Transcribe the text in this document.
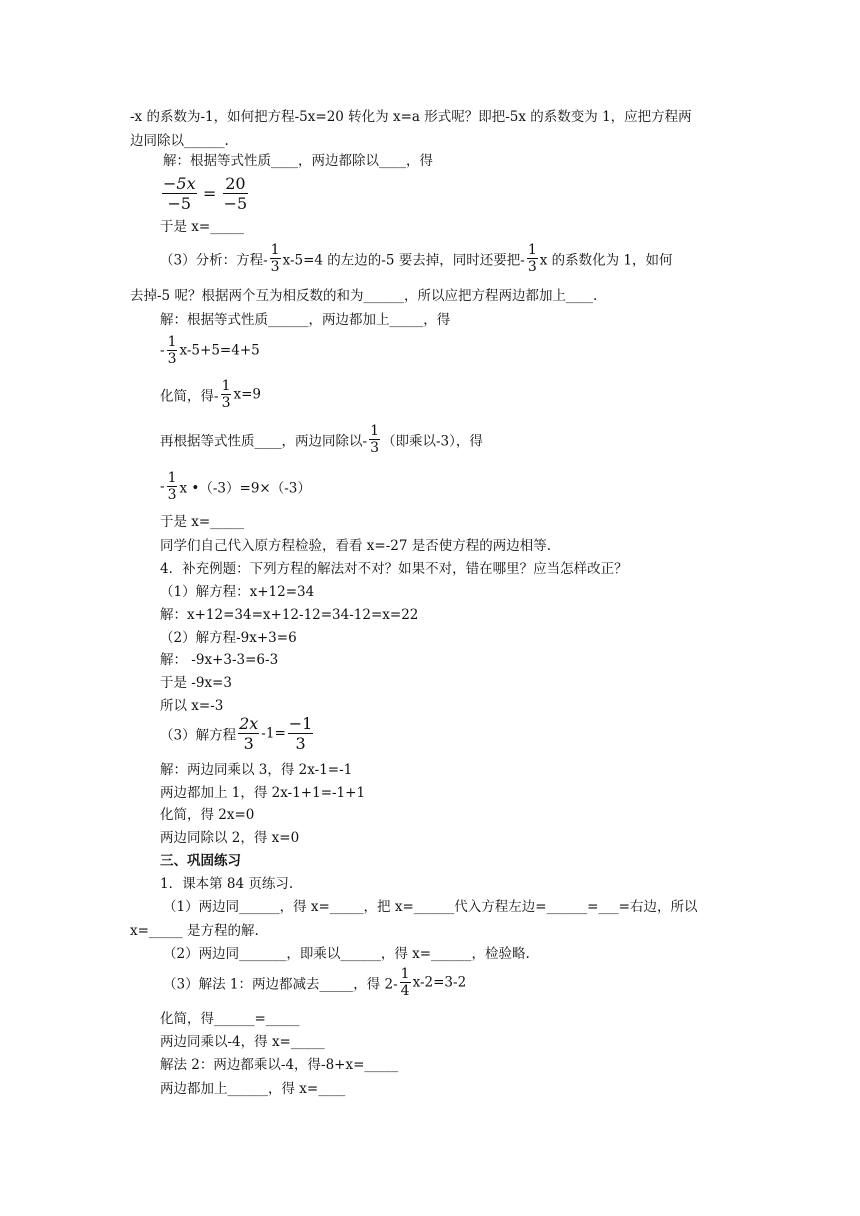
-x 的系数为-1，如何把方程-5x=20 转化为 x=a 形式呢？即把-5x 的系数变为 1，应把方程两
边同除以______.
解：根据等式性质____，两边都除以____，得
$\frac{-5x}{-5} = \frac{20}{-5}$
于是 x=_____
（3）分析：方程- $\frac{1}{3} x-5=4$ 的左边的-5 要去掉，同时还要把- $\frac{1}{3}$ x 的系数化为 1，如何
去掉-5 呢？根据两个互为相反数的和为______，所以应把方程两边都加上____.
解：根据等式性质______，两边都加上_____，得
- $\frac{1}{3} x-5+5=4+5$
化简，得- $\frac{1}{3} x=9$
再根据等式性质____，两边同除以- $\frac{1}{3}$ （即乘以-3），得
- $\frac{1}{3}$ x •（-3）=9×（-3）
于是 x=_____
同学们自己代入原方程检验，看看 x=-27 是否使方程的两边相等.
4．补充例题：下列方程的解法对不对？如果不对，错在哪里？应当怎样改正？
（1）解方程：x+12=34
解：x+12=34=x+12-12=34-12=x=22
（2）解方程-9x+3=6
解： -9x+3-3=6-3
于是 -9x=3
所以 x=-3
（3）解方程 $\frac{2x}{3} -1= \frac{-1}{3}$
解：两边同乘以 3，得 2x-1=-1
两边都加上 1，得 2x-1+1=-1+1
化简，得 2x=0
两边同除以 2，得 x=0
三、巩固练习
1．课本第 84 页练习.
（1）两边同______，得 x=_____，把 x=______代入方程左边=______=___=右边，所以
x=_____ 是方程的解.
（2）两边同_______，即乘以______，得 x=______，检验略.
（3）解法 1：两边都减去_____，得 $2- \frac{1}{4} x-2=3-2$
化简，得______=_____
两边同乘以-4，得 x=_____
解法 2：两边都乘以-4，得-8+x=_____
两边都加上______，得 x=____
